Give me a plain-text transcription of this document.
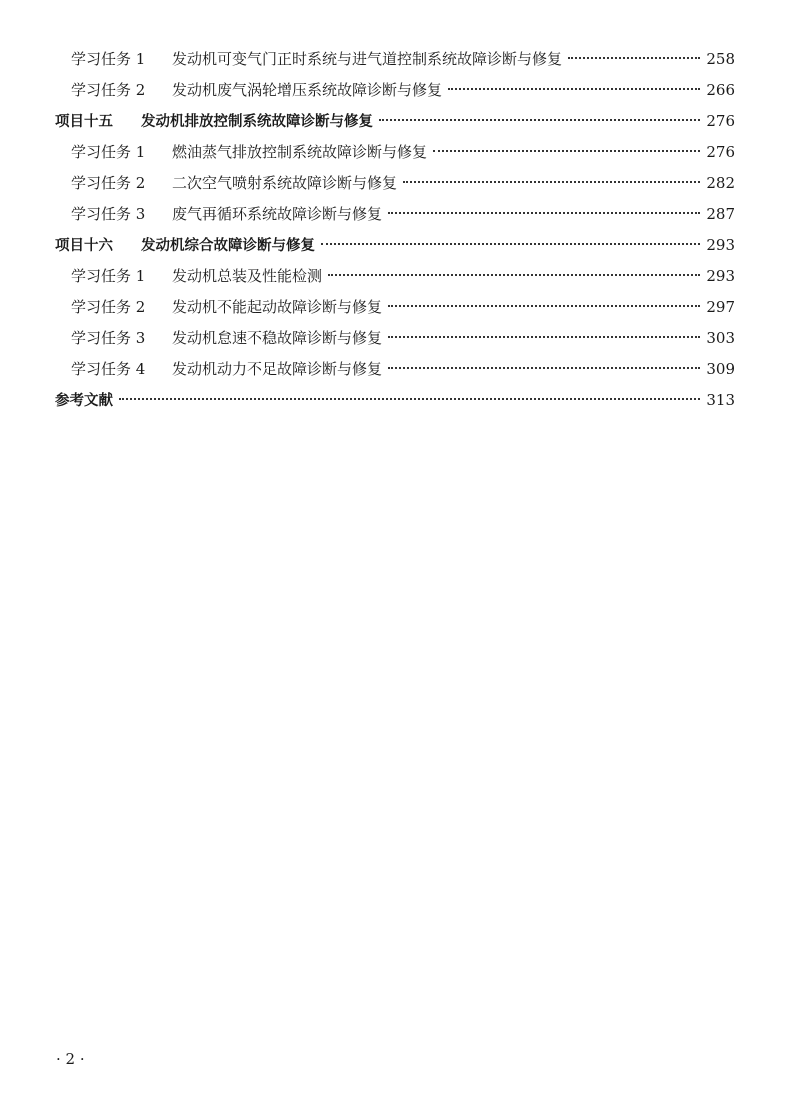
学习任务 1	发动机可变气门正时系统与进气道控制系统故障诊断与修复	258
学习任务 2	发动机废气涡轮增压系统故障诊断与修复	266
项目十五	发动机排放控制系统故障诊断与修复	276
学习任务 1	燃油蒸气排放控制系统故障诊断与修复	276
学习任务 2	二次空气喷射系统故障诊断与修复	282
学习任务 3	废气再循环系统故障诊断与修复	287
项目十六	发动机综合故障诊断与修复	293
学习任务 1	发动机总装及性能检测	293
学习任务 2	发动机不能起动故障诊断与修复	297
学习任务 3	发动机怠速不稳故障诊断与修复	303
学习任务 4	发动机动力不足故障诊断与修复	309
参考文献	313
· 2 ·
